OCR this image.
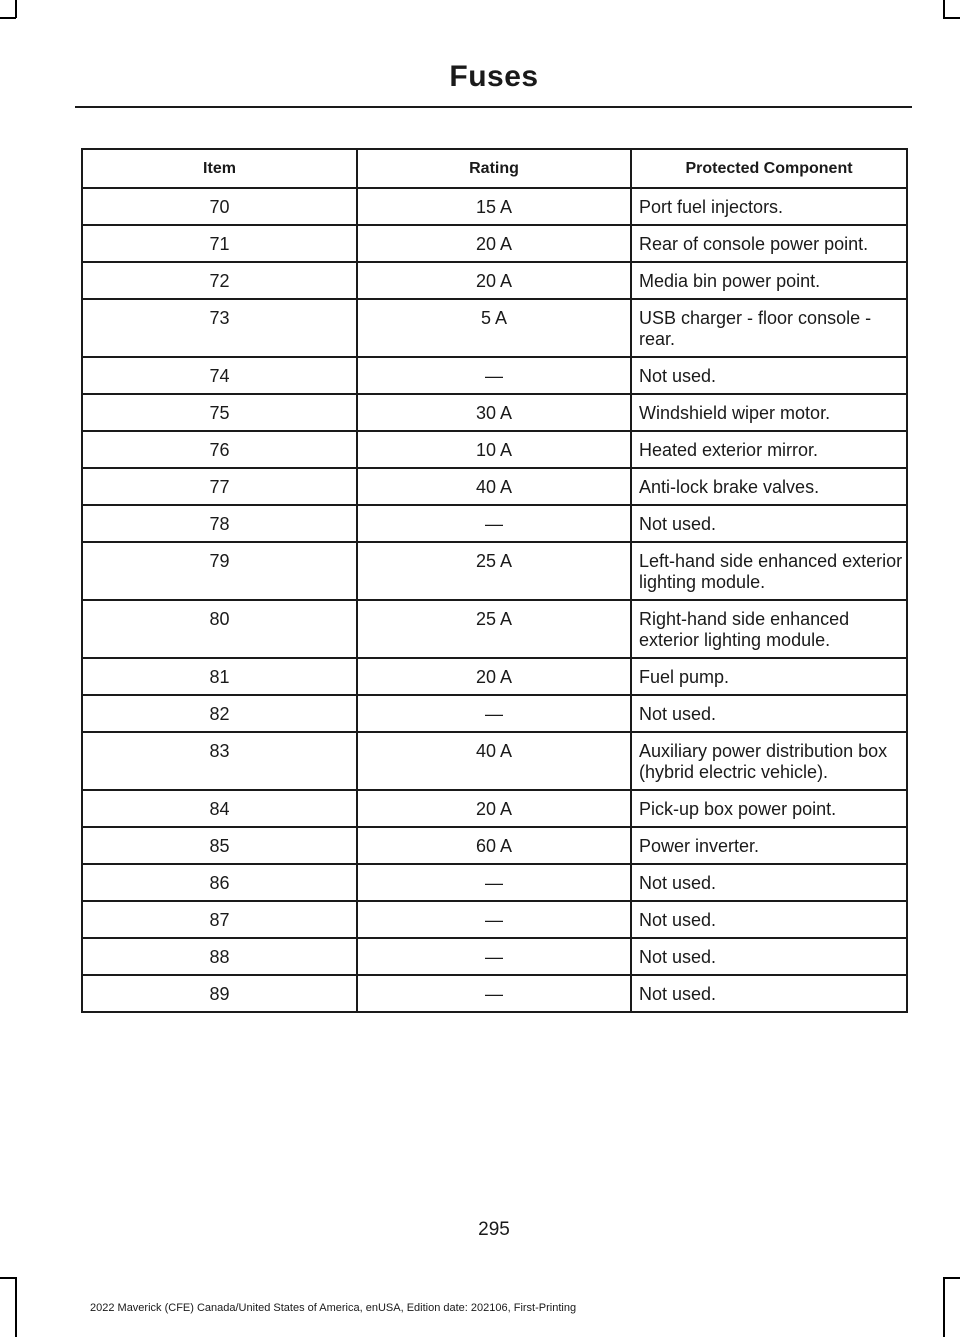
Fuses
Item	Rating	Protected Component
70	15 A	Port fuel injectors.
71	20 A	Rear of console power point.
72	20 A	Media bin power point.
73	5 A	USB charger - floor console - rear.
74	—	Not used.
75	30 A	Windshield wiper motor.
76	10 A	Heated exterior mirror.
77	40 A	Anti-lock brake valves.
78	—	Not used.
79	25 A	Left-hand side enhanced exterior lighting module.
80	25 A	Right-hand side enhanced exterior lighting module.
81	20 A	Fuel pump.
82	—	Not used.
83	40 A	Auxiliary power distribution box (hybrid electric vehicle).
84	20 A	Pick-up box power point.
85	60 A	Power inverter.
86	—	Not used.
87	—	Not used.
88	—	Not used.
89	—	Not used.
295
2022 Maverick (CFE) Canada/United States of America, enUSA, Edition date: 202106, First-Printing
